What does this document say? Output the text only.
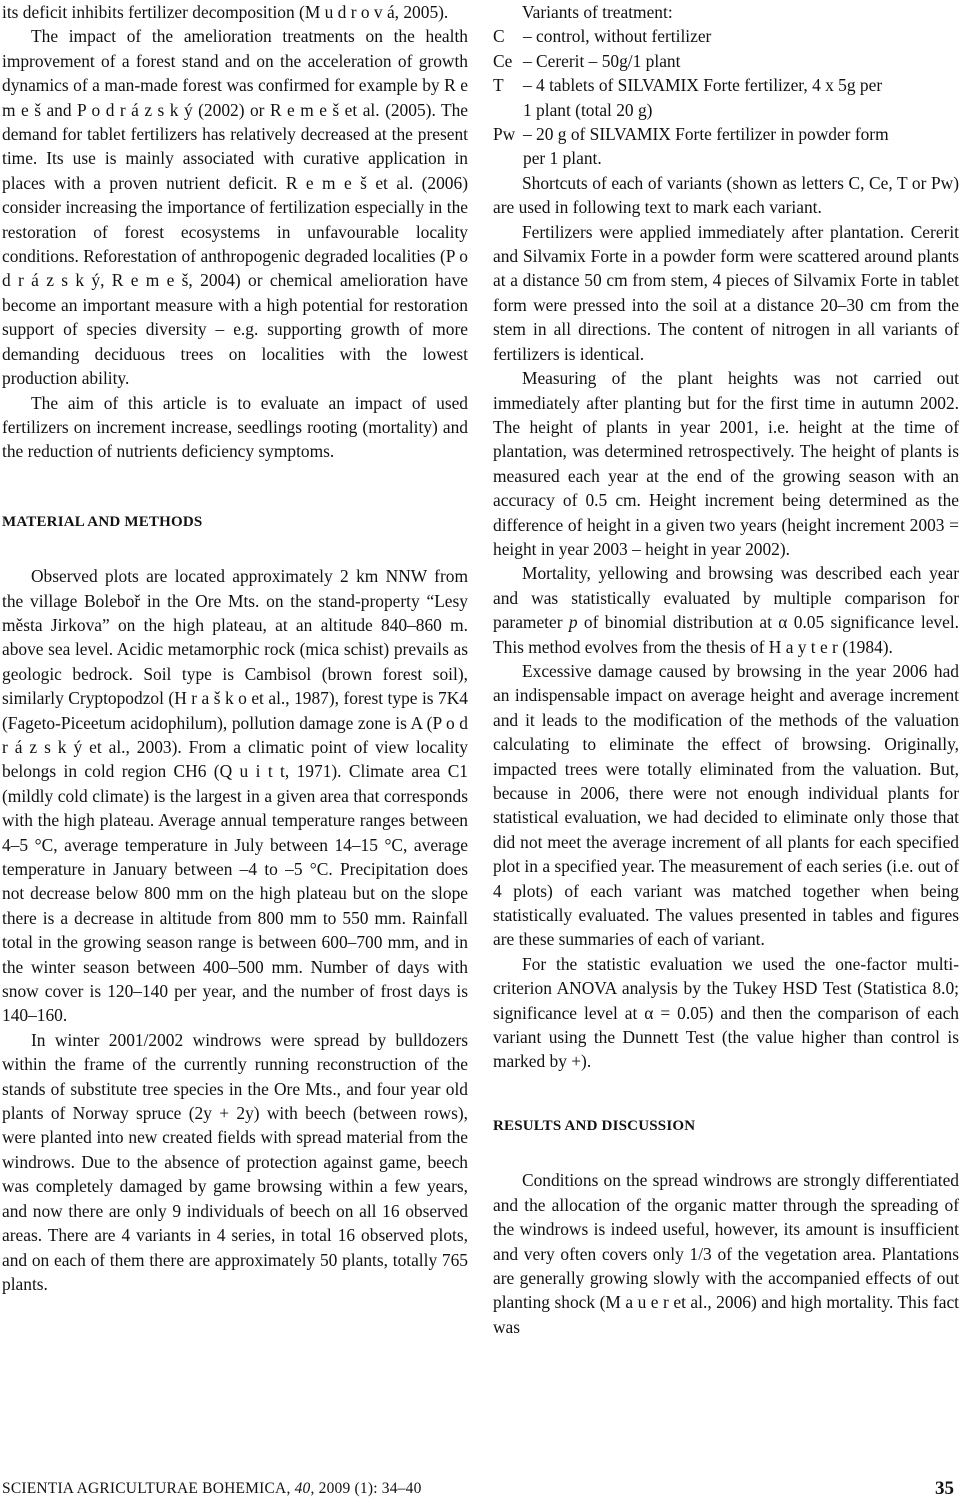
its deficit inhibits fertilizer decomposition (M u d r o v á, 2005).

The impact of the amelioration treatments on the health improvement of a forest stand and on the acceleration of growth dynamics of a man-made forest was confirmed for example by R e m e š and P o d r á z s k ý (2002) or R e m e š et al. (2005). The demand for tablet fertilizers has relatively decreased at the present time. Its use is mainly associated with curative application in places with a proven nutrient deficit. R e m e š et al. (2006) consider increasing the importance of fertilization especially in the restoration of forest ecosystems in unfavourable locality conditions. Reforestation of anthropogenic degraded localities (P o d r á z s k ý, R e m e š, 2004) or chemical amelioration have become an important measure with a high potential for restoration support of species diversity – e.g. supporting growth of more demanding deciduous trees on localities with the lowest production ability.

The aim of this article is to evaluate an impact of used fertilizers on increment increase, seedlings rooting (mortality) and the reduction of nutrients deficiency symptoms.

MATERIAL AND METHODS

Observed plots are located approximately 2 km NNW from the village Boleboř in the Ore Mts. on the stand-property “Lesy města Jirkova” on the high plateau, at an altitude 840–860 m. above sea level. Acidic metamorphic rock (mica schist) prevails as geologic bedrock. Soil type is Cambisol (brown forest soil), similarly Cryptopodzol (H r a š k o et al., 1987), forest type is 7K4 (Fageto-Piceetum acidophilum), pollution damage zone is A (P o d r á z s k ý et al., 2003). From a climatic point of view locality belongs in cold region CH6 (Q u i t t, 1971). Climate area C1 (mildly cold climate) is the largest in a given area that corresponds with the high plateau. Average annual temperature ranges between 4–5 °C, average temperature in July between 14–15 °C, average temperature in January between –4 to –5 °C. Precipitation does not decrease below 800 mm on the high plateau but on the slope there is a decrease in altitude from 800 mm to 550 mm. Rainfall total in the growing season range is between 600–700 mm, and in the winter season between 400–500 mm. Number of days with snow cover is 120–140 per year, and the number of frost days is 140–160.

In winter 2001/2002 windrows were spread by bulldozers within the frame of the currently running reconstruction of the stands of substitute tree species in the Ore Mts., and four year old plants of Norway spruce (2y + 2y) with beech (between rows), were planted into new created fields with spread material from the windrows. Due to the absence of protection against game, beech was completely damaged by game browsing within a few years, and now there are only 9 individuals of beech on all 16 observed areas. There are 4 variants in 4 series, in total 16 observed plots, and on each of them there are approximately 50 plants, totally 765 plants.

Variants of treatment:

C	– control, without fertilizer
Ce – Cererit – 50g/1 plant
T	– 4 tablets of SILVAMIX Forte fertilizer, 4 x 5g per
1 plant (total 20 g)
Pw – 20 g of SILVAMIX Forte fertilizer in powder form
per 1 plant.

Shortcuts of each of variants (shown as letters C, Ce, T or Pw) are used in following text to mark each variant.

Fertilizers were applied immediately after plantation. Cererit and Silvamix Forte in a powder form were scattered around plants at a distance 50 cm from stem, 4 pieces of Silvamix Forte in tablet form were pressed into the soil at a distance 20–30 cm from the stem in all directions. The content of nitrogen in all variants of fertilizers is identical.

Measuring of the plant heights was not carried out immediately after planting but for the first time in autumn 2002. The height of plants in year 2001, i.e. height at the time of plantation, was determined retrospectively. The height of plants is measured each year at the end of the growing season with an accuracy of 0.5 cm. Height increment being determined as the difference of height in a given two years (height increment 2003 = height in year 2003 – height in year 2002).

Mortality, yellowing and browsing was described each year and was statistically evaluated by multiple comparison for parameter p of binomial distribution at α 0.05 significance level. This method evolves from the thesis of H a y t e r (1984).

Excessive damage caused by browsing in the year 2006 had an indispensable impact on average height and average increment and it leads to the modification of the methods of the valuation calculating to eliminate the effect of browsing. Originally, impacted trees were totally eliminated from the valuation. But, because in 2006, there were not enough individual plants for statistical evaluation, we had decided to eliminate only those that did not meet the average increment of all plants for each specified plot in a specified year. The measurement of each series (i.e. out of 4 plots) of each variant was matched together when being statistically evaluated. The values presented in tables and figures are these summaries of each of variant.

For the statistic evaluation we used the one-factor multi-criterion ANOVA analysis by the Tukey HSD Test (Statistica 8.0; significance level at α = 0.05) and then the comparison of each variant using the Dunnett Test (the value higher than control is marked by +).

RESULTS AND DISCUSSION

Conditions on the spread windrows are strongly differentiated and the allocation of the organic matter through the spreading of the windrows is indeed useful, however, its amount is insufficient and very often covers only 1/3 of the vegetation area. Plantations are generally growing slowly with the accompanied effects of out planting shock (M a u e r et al., 2006) and high mortality. This fact was

SCIENTIA AGRICULTURAE BOHEMICA, 40, 2009 (1): 34–40	35
